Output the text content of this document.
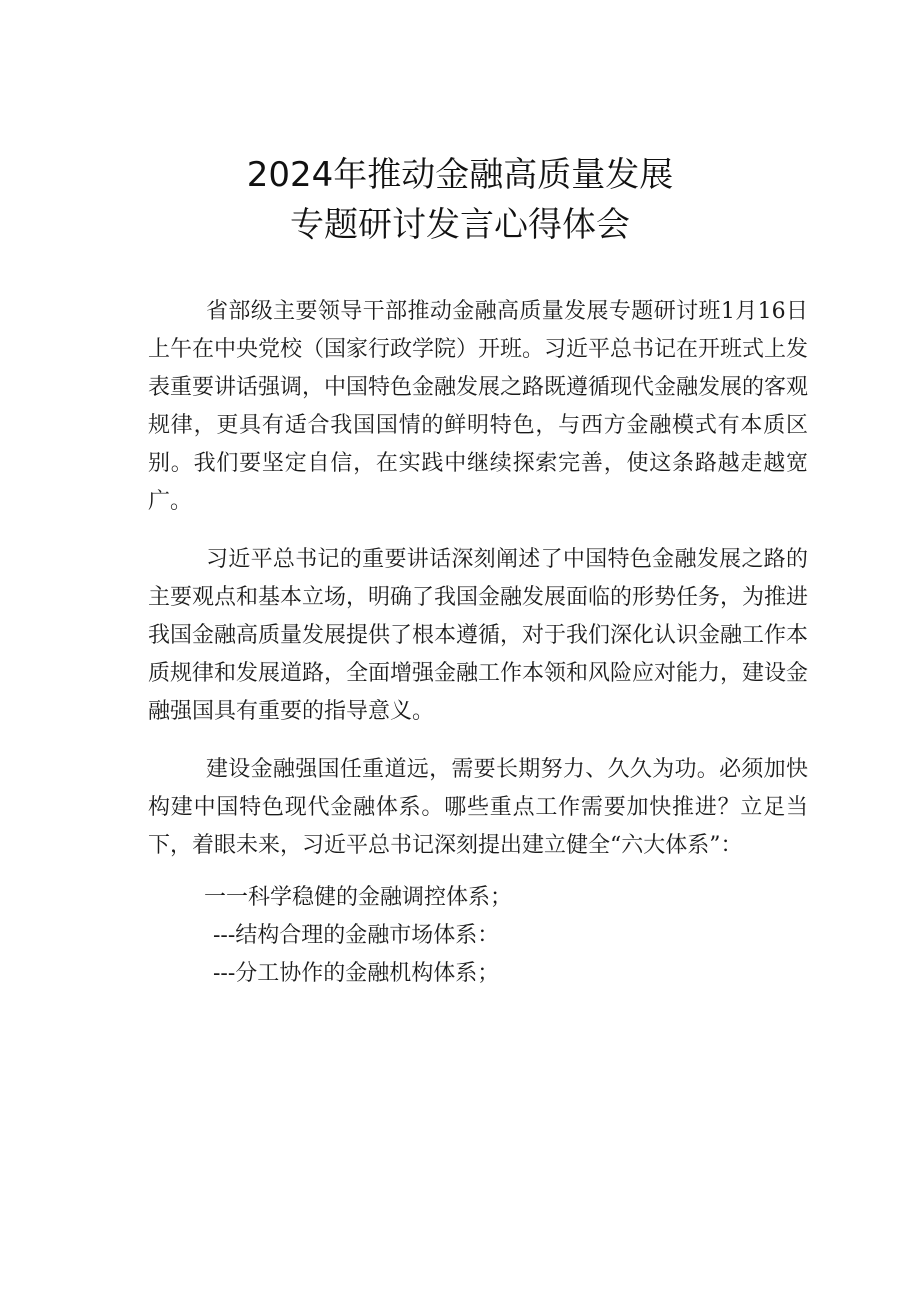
2024年推动金融高质量发展
专题研讨发言心得体会

省部级主要领导干部推动金融高质量发展专题研讨班1月16日上午在中央党校（国家行政学院）开班。习近平总书记在开班式上发表重要讲话强调，中国特色金融发展之路既遵循现代金融发展的客观规律，更具有适合我国国情的鲜明特色，与西方金融模式有本质区别。我们要坚定自信，在实践中继续探索完善，使这条路越走越宽广。

习近平总书记的重要讲话深刻阐述了中国特色金融发展之路的主要观点和基本立场，明确了我国金融发展面临的形势任务，为推进我国金融高质量发展提供了根本遵循，对于我们深化认识金融工作本质规律和发展道路，全面增强金融工作本领和风险应对能力，建设金融强国具有重要的指导意义。

建设金融强国任重道远，需要长期努力、久久为功。必须加快构建中国特色现代金融体系。哪些重点工作需要加快推进？立足当下，着眼未来，习近平总书记深刻提出建立健全“六大体系”：

一一科学稳健的金融调控体系；

---结构合理的金融市场体系：

---分工协作的金融机构体系；
